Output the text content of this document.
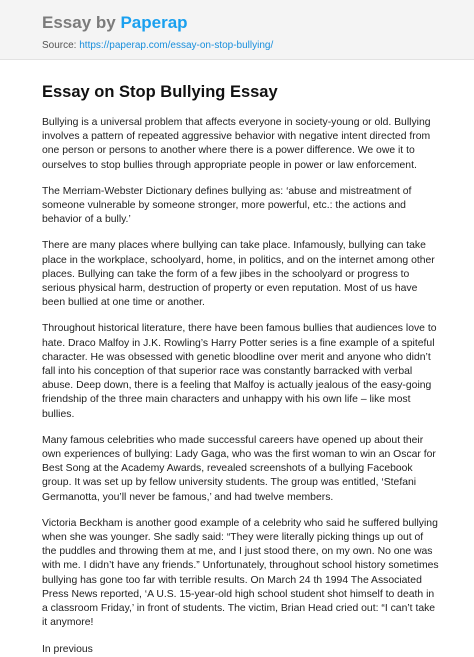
Essay by Paperap
Source: https://paperap.com/essay-on-stop-bullying/
Essay on Stop Bullying Essay

Bullying is a universal problem that affects everyone in society-young or old. Bullying involves a pattern of repeated aggressive behavior with negative intent directed from one person or persons to another where there is a power difference. We owe it to ourselves to stop bullies through appropriate people in power or law enforcement.

The Merriam-Webster Dictionary defines bullying as: ‘abuse and mistreatment of someone vulnerable by someone stronger, more powerful, etc.: the actions and behavior of a bully.’

There are many places where bullying can take place. Infamously, bullying can take place in the workplace, schoolyard, home, in politics, and on the internet among other places. Bullying can take the form of a few jibes in the schoolyard or progress to serious physical harm, destruction of property or even reputation. Most of us have been bullied at one time or another.

Throughout historical literature, there have been famous bullies that audiences love to hate. Draco Malfoy in J.K. Rowling’s Harry Potter series is a fine example of a spiteful character. He was obsessed with genetic bloodline over merit and anyone who didn’t fall into his conception of that superior race was constantly barracked with verbal abuse. Deep down, there is a feeling that Malfoy is actually jealous of the easy-going friendship of the three main characters and unhappy with his own life – like most bullies.

Many famous celebrities who made successful careers have opened up about their own experiences of bullying: Lady Gaga, who was the first woman to win an Oscar for Best Song at the Academy Awards, revealed screenshots of a bullying Facebook group. It was set up by fellow university students. The group was entitled, ‘Stefani Germanotta, you’ll never be famous,’ and had twelve members.

Victoria Beckham is another good example of a celebrity who said he suffered bullying when she was younger. She sadly said: “They were literally picking things up out of the puddles and throwing them at me, and I just stood there, on my own. No one was with me. I didn’t have any friends.” Unfortunately, throughout school history sometimes bullying has gone too far with terrible results. On March 24 th 1994 The Associated Press News reported, ‘A U.S. 15-year-old high school student shot himself to death in a classroom Friday,’ in front of students. The victim, Brian Head cried out: “I can’t take it anymore!

In previous
